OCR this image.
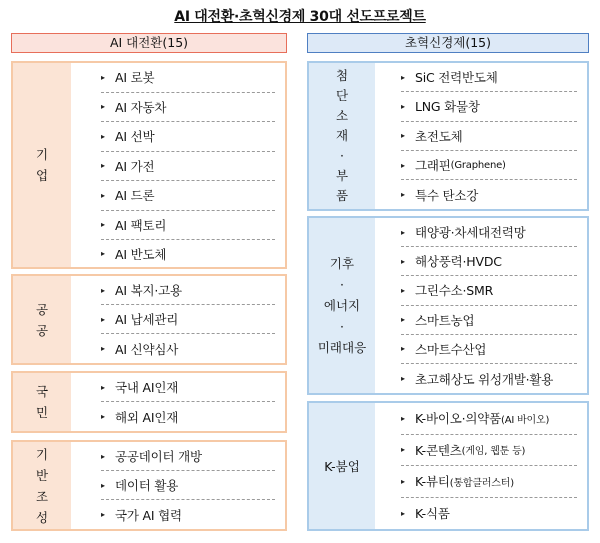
AI 대전환·초혁신경제 30대 선도프로젝트
AI 대전환(15)	초혁신경제(15)
기
업
▸ AI 로봇
▸ AI 자동차
▸ AI 선박
▸ AI 가전
▸ AI 드론
▸ AI 팩토리
▸ AI 반도체
공
공
▸ AI 복지·고용
▸ AI 납세관리
▸ AI 신약심사
국
민
▸ 국내 AI인재
▸ 해외 AI인재
기
반
조
성
▸ 공공데이터 개방
▸ 데이터 활용
▸ 국가 AI 협력
첨
단
소
재
·
부
품
▸ SiC 전력반도체
▸ LNG 화물창
▸ 초전도체
▸ 그래핀 (Graphene)
▸ 특수 탄소강
기후
·
에너지
·
미래대응
▸ 태양광·차세대전력망
▸ 해상풍력·HVDC
▸ 그린수소·SMR
▸ 스마트농업
▸ 스마트수산업
▸ 초고해상도 위성개발·활용
K-붐업
▸ K-바이오·의약품 (AI 바이오)
▸ K-콘텐츠 (게임, 웹툰 등)
▸ K-뷰티 (통합클러스터)
▸ K-식품
